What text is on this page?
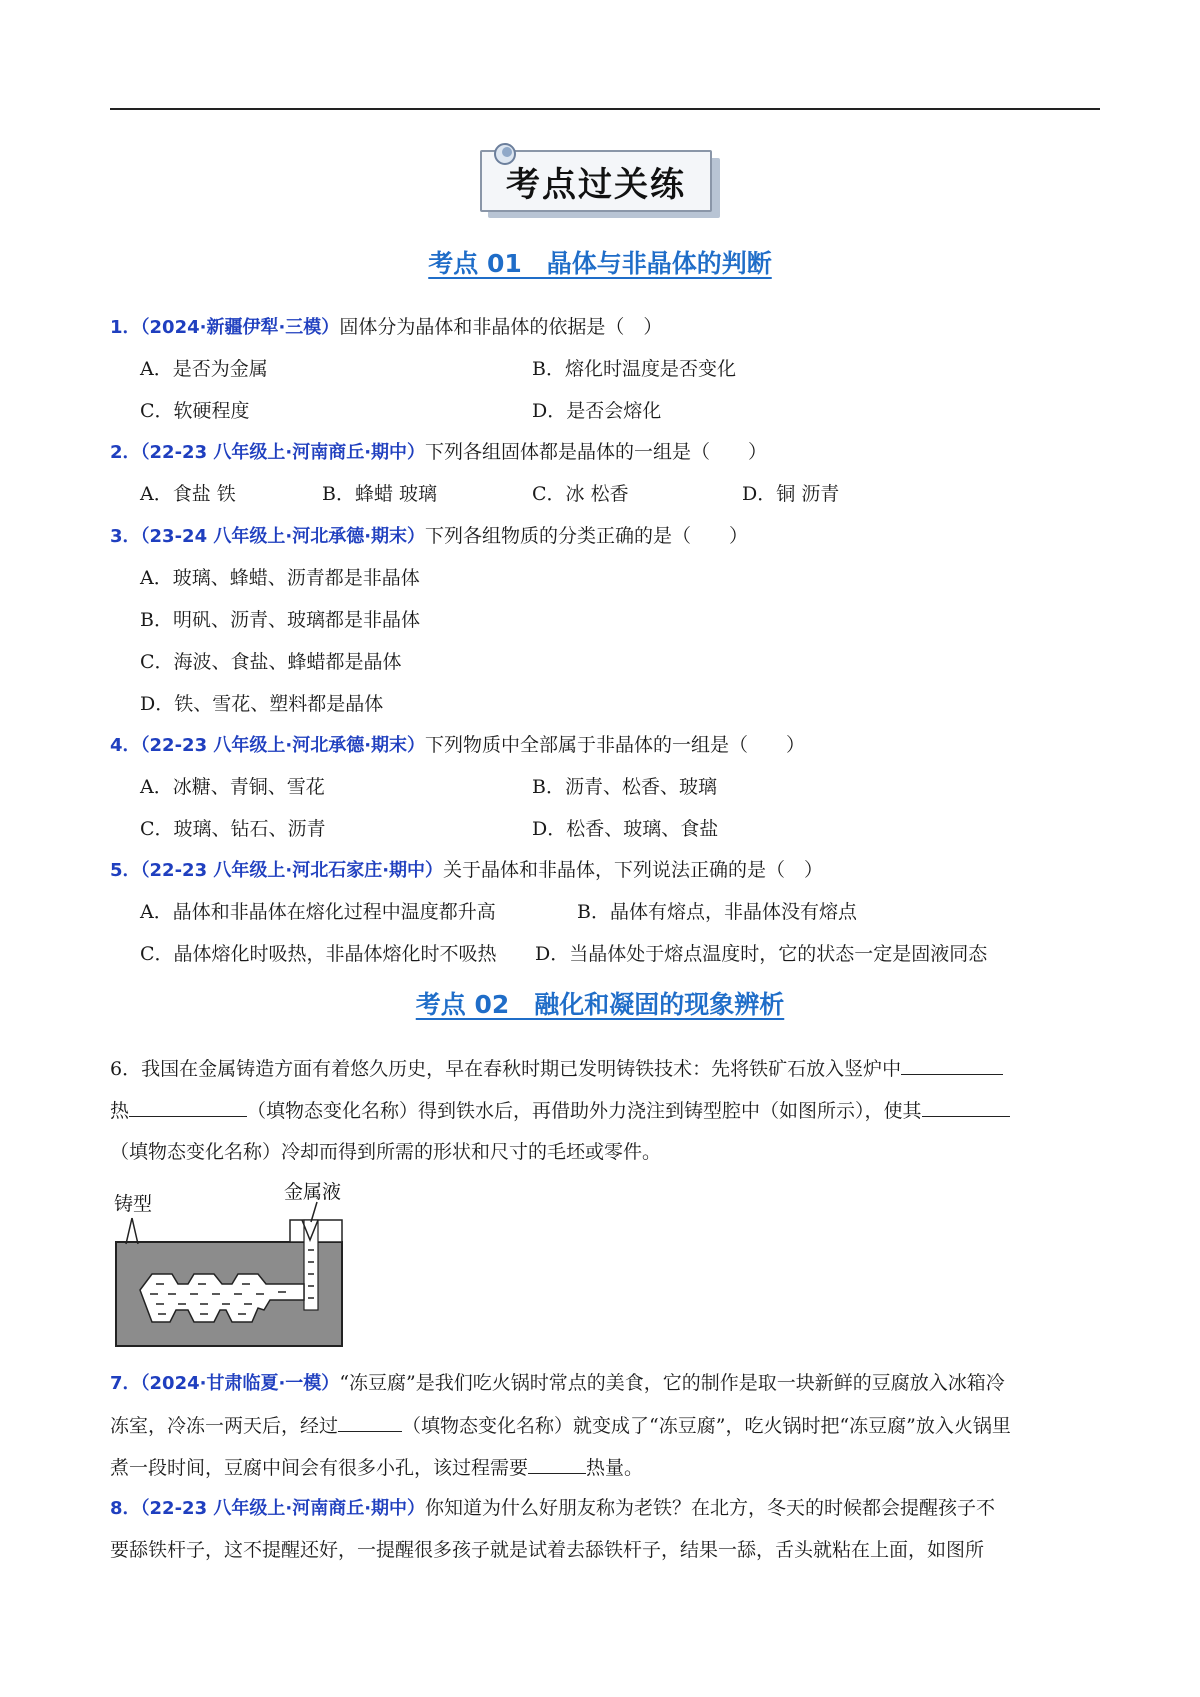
考点过关练
考点 01　晶体与非晶体的判断
1．（2024·新疆伊犁·三模）固体分为晶体和非晶体的依据是（　）
A．是否为金属	B．熔化时温度是否变化
C．软硬程度	D．是否会熔化
2．（22-23 八年级上·河南商丘·期中）下列各组固体都是晶体的一组是（　　）
A．食盐 铁	B．蜂蜡 玻璃	C．冰 松香	D．铜 沥青
3．（23-24 八年级上·河北承德·期末）下列各组物质的分类正确的是（　　）
A．玻璃、蜂蜡、沥青都是非晶体
B．明矾、沥青、玻璃都是非晶体
C．海波、食盐、蜂蜡都是晶体
D．铁、雪花、塑料都是晶体
4．（22-23 八年级上·河北承德·期末）下列物质中全部属于非晶体的一组是（　　）
A．冰糖、青铜、雪花	B．沥青、松香、玻璃
C．玻璃、钻石、沥青	D．松香、玻璃、食盐
5．（22-23 八年级上·河北石家庄·期中）关于晶体和非晶体，下列说法正确的是（　）
A．晶体和非晶体在熔化过程中温度都升高	B．晶体有熔点，非晶体没有熔点
C．晶体熔化时吸热，非晶体熔化时不吸热	D．当晶体处于熔点温度时，它的状态一定是固液同态
考点 02　融化和凝固的现象辨析
6．我国在金属铸造方面有着悠久历史，早在春秋时期已发明铸铁技术：先将铁矿石放入竖炉中
热	（填物态变化名称）得到铁水后，再借助外力浇注到铸型腔中（如图所示），使其
（填物态变化名称）冷却而得到所需的形状和尺寸的毛坯或零件。
铸型
金属液
7．（2024·甘肃临夏·一模）“冻豆腐”是我们吃火锅时常点的美食，它的制作是取一块新鲜的豆腐放入冰箱冷
冻室，冷冻一两天后，经过	（填物态变化名称）就变成了“冻豆腐”，吃火锅时把“冻豆腐”放入火锅里
煮一段时间，豆腐中间会有很多小孔，该过程需要	热量。
8．（22-23 八年级上·河南商丘·期中）你知道为什么好朋友称为老铁？在北方，冬天的时候都会提醒孩子不
要舔铁杆子，这不提醒还好，一提醒很多孩子就是试着去舔铁杆子，结果一舔，舌头就粘在上面，如图所
